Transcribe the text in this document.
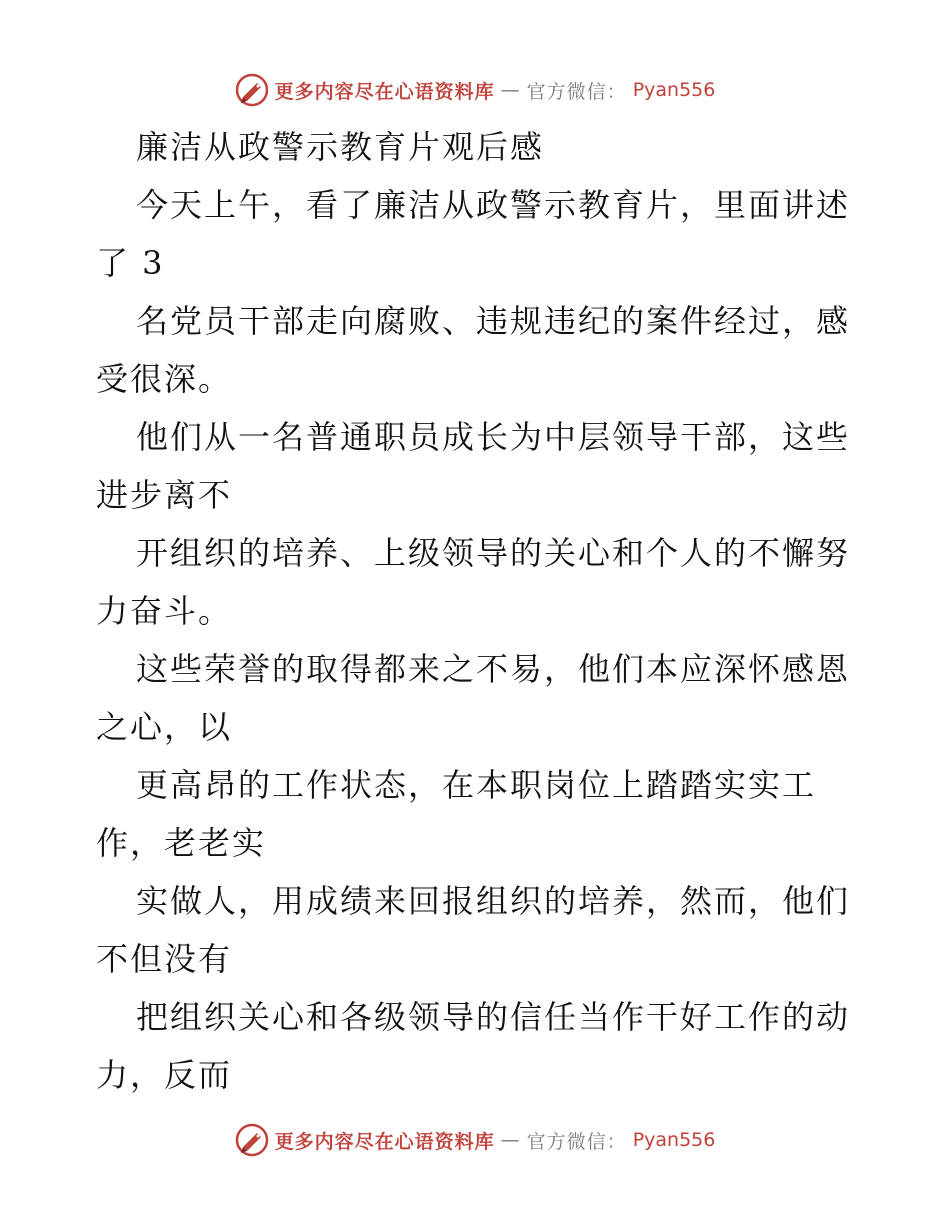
更多内容尽在心语资料库 — 官方微信： Pyan556

廉洁从政警示教育片观后感

今天上午，看了廉洁从政警示教育片，里面讲述了 3

名党员干部走向腐败、违规违纪的案件经过，感受很深。

他们从一名普通职员成长为中层领导干部，这些进步离不

开组织的培养、上级领导的关心和个人的不懈努力奋斗。

这些荣誉的取得都来之不易，他们本应深怀感恩之心，以

更高昂的工作状态，在本职岗位上踏踏实实工作，老老实

实做人，用成绩来回报组织的培养，然而，他们不但没有

把组织关心和各级领导的信任当作干好工作的动力，反而

更多内容尽在心语资料库 — 官方微信： Pyan556
